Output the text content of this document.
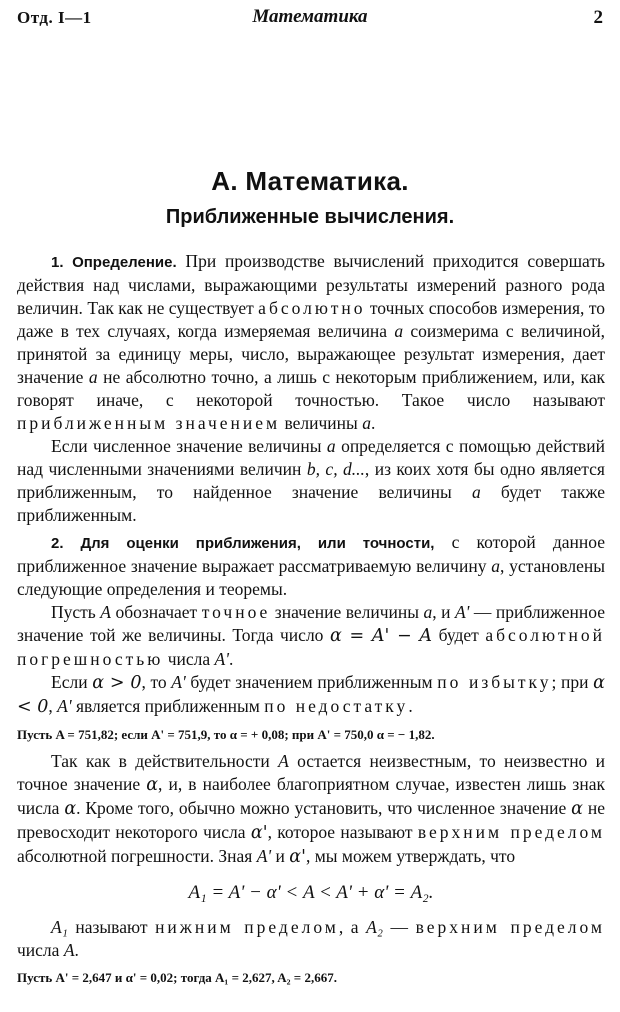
Отд. I—1	Математика	2
А. Математика.
Приближенные вычисления.

1. Определение. При производстве вычислений приходится совершать действия над числами, выражающими результаты измерений разного рода величин. Так как не существует абсолютно точных способов измерения, то даже в тех случаях, когда измеряемая величина a соизмерима с величиной, принятой за единицу меры, число, выражающее результат измерения, дает значение a не абсолютно точно, а лишь с некоторым приближением, или, как говорят иначе, с некоторой точностью. Такое число называют приближенным значением величины a.

Если численное значение величины a определяется с помощью действий над численными значениями величин b, c, d..., из коих хотя бы одно является приближенным, то найденное значение величины a будет также приближенным.

2. Для оценки приближения, или точности, с которой данное приближенное значение выражает рассматриваемую величину a, установлены следующие определения и теоремы.

Пусть A обозначает точное значение величины a, и A' — приближенное значение той же величины. Тогда число α = A' − A будет абсолютной погрешностью числа A'.

Если α > 0, то A' будет значением приближенным по избытку; при α < 0, A' является приближенным по недостатку.

Пусть A = 751,82; если A' = 751,9, то α = + 0,08; при A' = 750,0 α = − 1,82.

Так как в действительности A остается неизвестным, то неизвестно и точное значение α, и, в наиболее благоприятном случае, известен лишь знак числа α. Кроме того, обычно можно установить, что численное значение α не превосходит некоторого числа α', которое называют верхним пределом абсолютной погрешности. Зная A' и α', мы можем утверждать, что

A₁ = A' − α' < A < A' + α' = A₂.

A₁ называют нижним пределом, а A₂ — верхним пределом числа A.

Пусть A' = 2,647 и α' = 0,02; тогда A₁ = 2,627, A₂ = 2,667.
